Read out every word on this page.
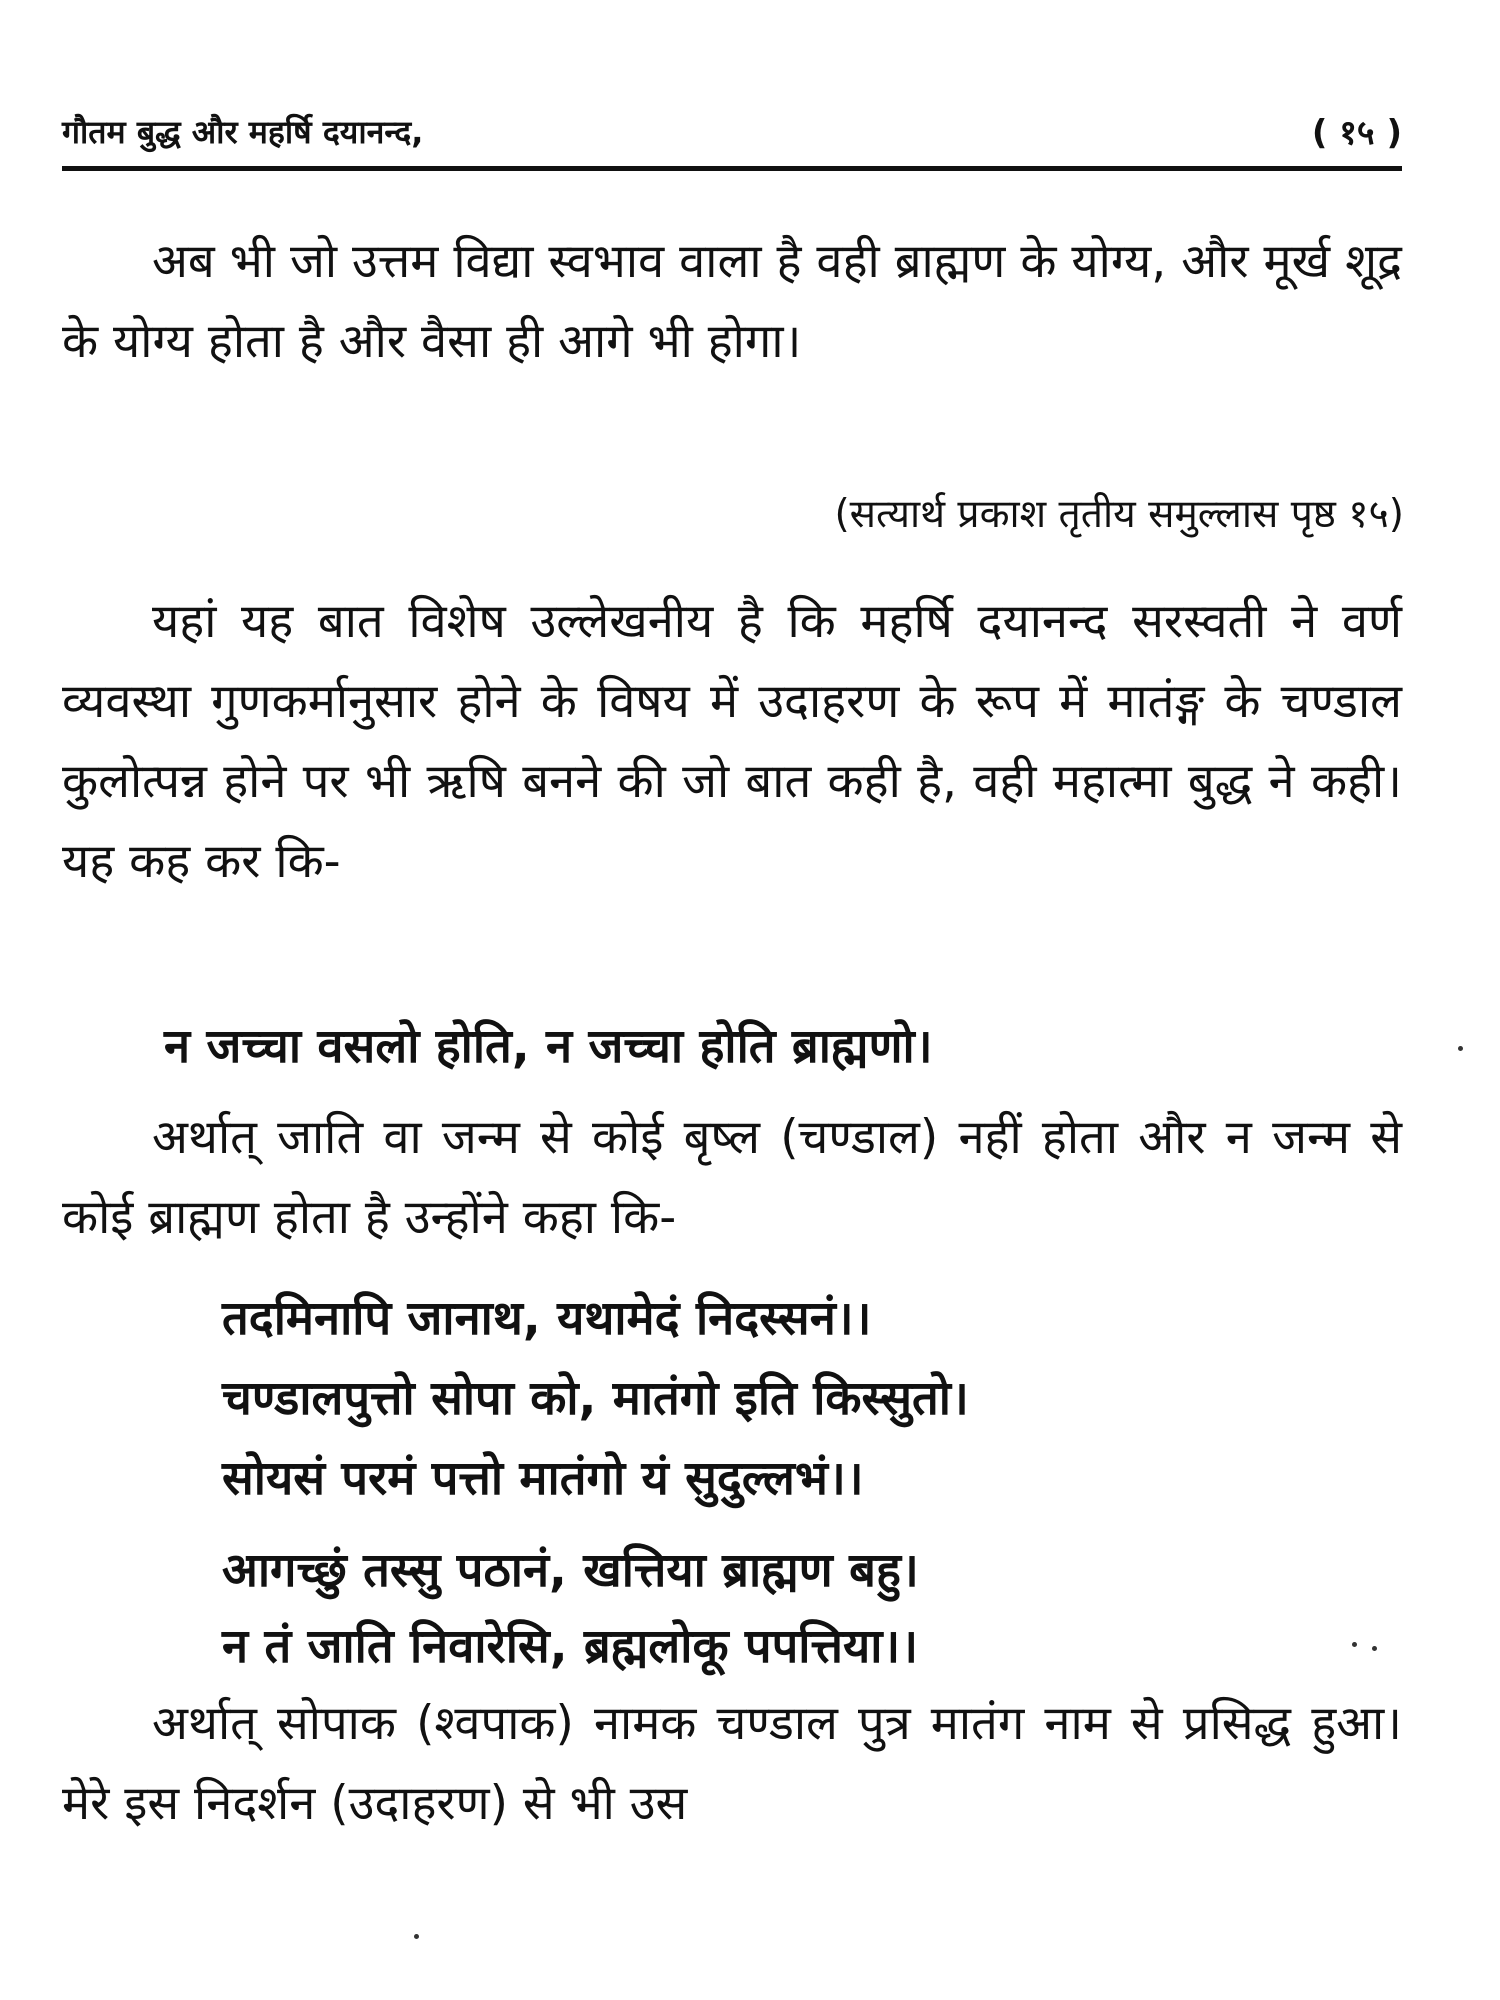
गौतम बुद्ध और महर्षि दयानन्द,	( १५ )

अब भी जो उत्तम विद्या स्वभाव वाला है वही ब्राह्मण के योग्य, और मूर्ख शूद्र के योग्य होता है और वैसा ही आगे भी होगा।

(सत्यार्थ प्रकाश तृतीय समुल्लास पृष्ठ १५)

यहां यह बात विशेष उल्लेखनीय है कि महर्षि दयानन्द सरस्वती ने वर्ण व्यवस्था गुणकर्मानुसार होने के विषय में उदाहरण के रूप में मातंङ्ग के चण्डाल कुलोत्पन्न होने पर भी ऋषि बनने की जो बात कही है, वही महात्मा बुद्ध ने कही। यह कह कर कि-

न जच्चा वसलो होति, न जच्चा होति ब्राह्मणो।

अर्थात् जाति वा जन्म से कोई बृष्ल (चण्डाल) नहीं होता और न जन्म से कोई ब्राह्मण होता है उन्होंने कहा कि-

तदमिनापि जानाथ, यथामेदं निदस्सनं।।
चण्डालपुत्तो सोपा को, मातंगो इति किस्सुतो।
सोयसं परमं पत्तो मातंगो यं सुदुल्लभं।।
आगच्छुं तस्सु पठानं, खत्तिया ब्राह्मण बहु।
न तं जाति निवारेसि, ब्रह्मलोकू पपत्तिया।।

अर्थात् सोपाक (श्वपाक) नामक चण्डाल पुत्र मातंग नाम से प्रसिद्ध हुआ। मेरे इस निदर्शन (उदाहरण) से भी उस
